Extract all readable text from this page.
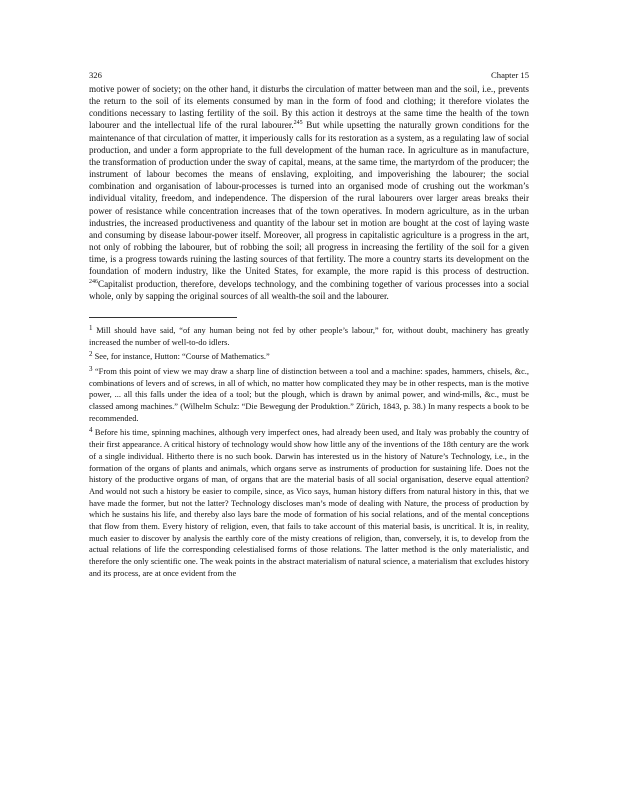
326	Chapter 15

motive power of society; on the other hand, it disturbs the circulation of matter between man and the soil, i.e., prevents the return to the soil of its elements consumed by man in the form of food and clothing; it therefore violates the conditions necessary to lasting fertility of the soil. By this action it destroys at the same time the health of the town labourer and the intellectual life of the rural labourer.$^{245}$ But while upsetting the naturally grown conditions for the maintenance of that circulation of matter, it imperiously calls for its restoration as a system, as a regulating law of social production, and under a form appropriate to the full development of the human race. In agriculture as in manufacture, the transformation of production under the sway of capital, means, at the same time, the martyrdom of the producer; the instrument of labour becomes the means of enslaving, exploiting, and impoverishing the labourer; the social combination and organisation of labour-processes is turned into an organised mode of crushing out the workman’s individual vitality, freedom, and independence. The dispersion of the rural labourers over larger areas breaks their power of resistance while concentration increases that of the town operatives. In modern agriculture, as in the urban industries, the increased productiveness and quantity of the labour set in motion are bought at the cost of laying waste and consuming by disease labour-power itself. Moreover, all progress in capitalistic agriculture is a progress in the art, not only of robbing the labourer, but of robbing the soil; all progress in increasing the fertility of the soil for a given time, is a progress towards ruining the lasting sources of that fertility. The more a country starts its development on the foundation of modern industry, like the United States, for example, the more rapid is this process of destruction. $^{246}$Capitalist production, therefore, develops technology, and the combining together of various processes into a social whole, only by sapping the original sources of all wealth-the soil and the labourer.

$^1$ Mill should have said, “of any human being not fed by other people’s labour,” for, without doubt, machinery has greatly increased the number of well-to-do idlers.

$^2$ See, for instance, Hutton: “Course of Mathematics.”

$^3$ “From this point of view we may draw a sharp line of distinction between a tool and a machine: spades, hammers, chisels, &c., combinations of levers and of screws, in all of which, no matter how complicated they may be in other respects, man is the motive power, ... all this falls under the idea of a tool; but the plough, which is drawn by animal power, and wind-mills, &c., must be classed among machines.” (Wilhelm Schulz: “Die Bewegung der Produktion.” Zürich, 1843, p. 38.) In many respects a book to be recommended.

$^4$ Before his time, spinning machines, although very imperfect ones, had already been used, and Italy was probably the country of their first appearance. A critical history of technology would show how little any of the inventions of the 18th century are the work of a single individual. Hitherto there is no such book. Darwin has interested us in the history of Nature’s Technology, i.e., in the formation of the organs of plants and animals, which organs serve as instruments of production for sustaining life. Does not the history of the productive organs of man, of organs that are the material basis of all social organisation, deserve equal attention? And would not such a history be easier to compile, since, as Vico says, human history differs from natural history in this, that we have made the former, but not the latter? Technology discloses man’s mode of dealing with Nature, the process of production by which he sustains his life, and thereby also lays bare the mode of formation of his social relations, and of the mental conceptions that flow from them. Every history of religion, even, that fails to take account of this material basis, is uncritical. It is, in reality, much easier to discover by analysis the earthly core of the misty creations of religion, than, conversely, it is, to develop from the actual relations of life the corresponding celestialised forms of those relations. The latter method is the only materialistic, and therefore the only scientific one. The weak points in the abstract materialism of natural science, a materialism that excludes history and its process, are at once evident from the
